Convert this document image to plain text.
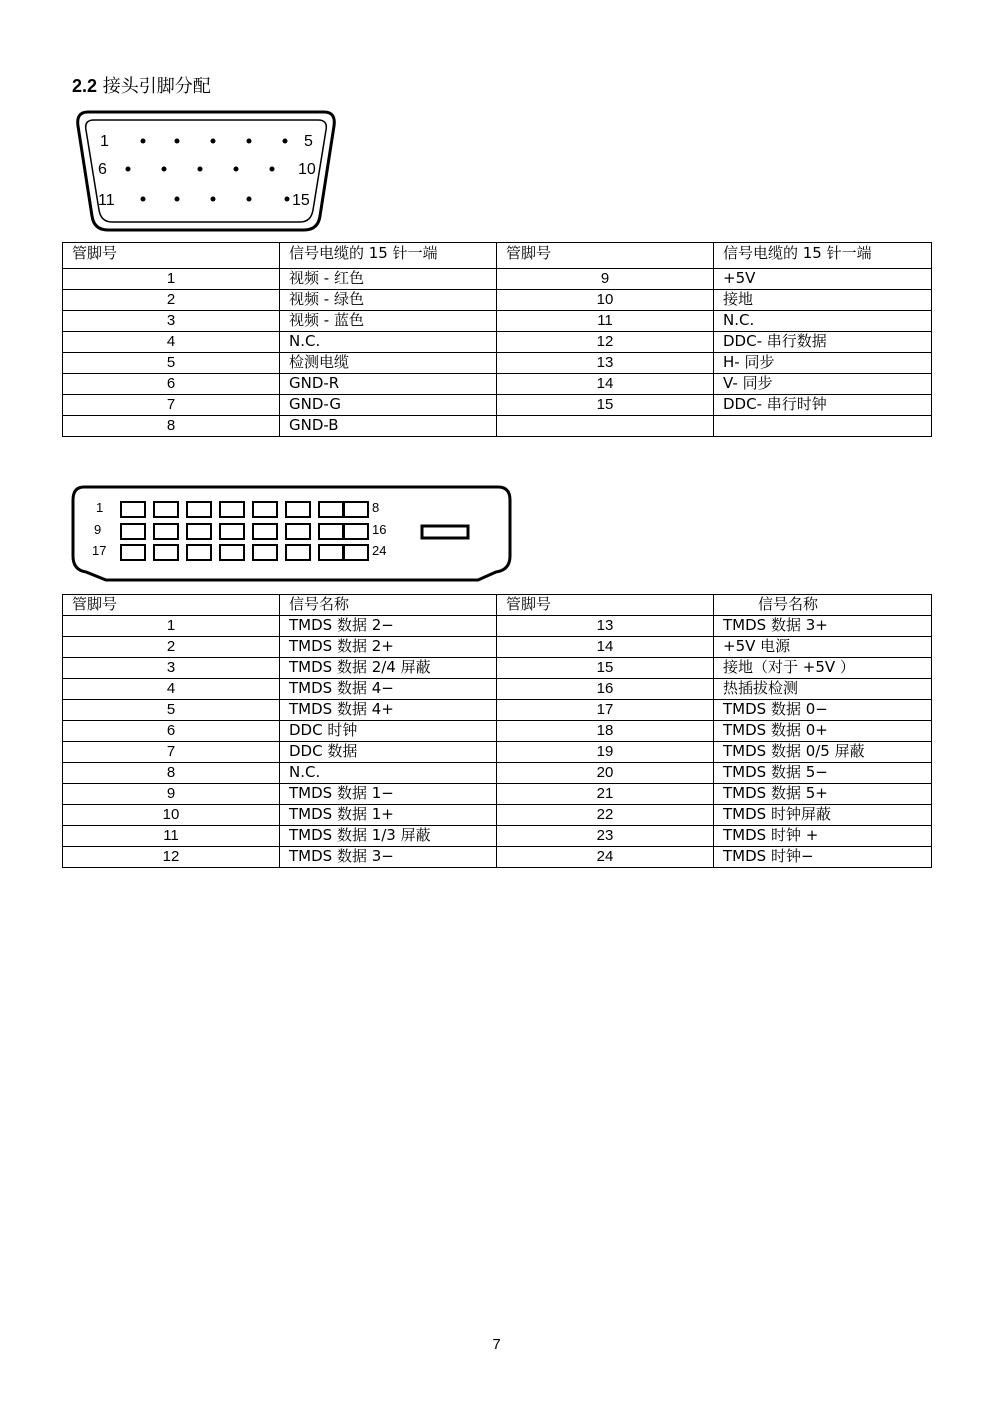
2.2 接头引脚分配
1	5
6	10
11	15
管脚号	信号电缆的 15 针一端	管脚号	信号电缆的 15 针一端
1	视频 - 红色	9	+5V
2	视频 - 绿色	10	接地
3	视频 - 蓝色	11	N.C.
4	N.C.	12	DDC- 串行数据
5	检测电缆	13	H- 同步
6	GND-R	14	V- 同步
7	GND-G	15	DDC- 串行时钟
8	GND-B		
1	8
9	16
17	24
管脚号	信号名称	管脚号	信号名称
1	TMDS 数据 2−	13	TMDS 数据 3+
2	TMDS 数据 2+	14	+5V 电源
3	TMDS 数据 2/4 屏蔽	15	接地（对于 +5V ）
4	TMDS 数据 4−	16	热插拔检测
5	TMDS 数据 4+	17	TMDS 数据 0−
6	DDC 时钟	18	TMDS 数据 0+
7	DDC 数据	19	TMDS 数据 0/5 屏蔽
8	N.C.	20	TMDS 数据 5−
9	TMDS 数据 1−	21	TMDS 数据 5+
10	TMDS 数据 1+	22	TMDS 时钟屏蔽
11	TMDS 数据 1/3 屏蔽	23	TMDS 时钟 +
12	TMDS 数据 3−	24	TMDS 时钟−
7
